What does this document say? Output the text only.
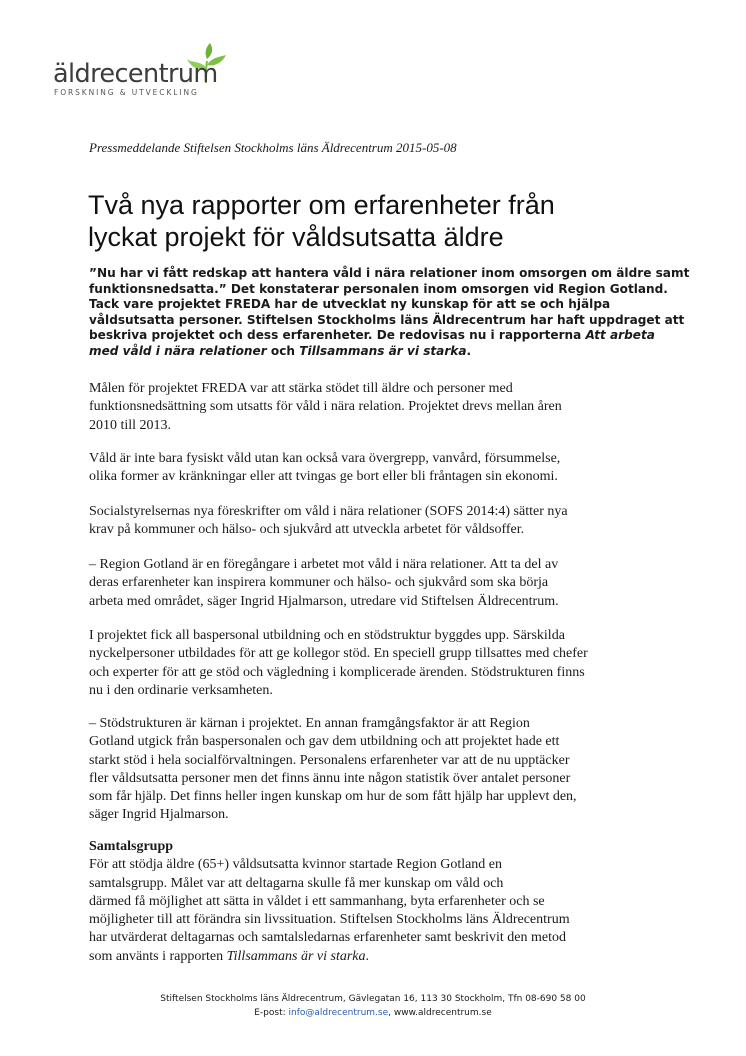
äldrecentrum
FORSKNING & UTVECKLING
Pressmeddelande Stiftelsen Stockholms läns Äldrecentrum 2015-05-08
Två nya rapporter om erfarenheter från
lyckat projekt för våldsutsatta äldre

”Nu har vi fått redskap att hantera våld i nära relationer inom omsorgen om äldre samt
funktionsnedsatta.” Det konstaterar personalen inom omsorgen vid Region Gotland.
Tack vare projektet FREDA har de utvecklat ny kunskap för att se och hjälpa
våldsutsatta personer. Stiftelsen Stockholms läns Äldrecentrum har haft uppdraget att
beskriva projektet och dess erfarenheter. De redovisas nu i rapporterna Att arbeta
med våld i nära relationer och Tillsammans är vi starka.

Målen för projektet FREDA var att stärka stödet till äldre och personer med
funktionsnedsättning som utsatts för våld i nära relation. Projektet drevs mellan åren
2010 till 2013.
Våld är inte bara fysiskt våld utan kan också vara övergrepp, vanvård, försummelse,
olika former av kränkningar eller att tvingas ge bort eller bli fråntagen sin ekonomi.
Socialstyrelsernas nya föreskrifter om våld i nära relationer (SOFS 2014:4) sätter nya
krav på kommuner och hälso- och sjukvård att utveckla arbetet för våldsoffer.
– Region Gotland är en föregångare i arbetet mot våld i nära relationer. Att ta del av
deras erfarenheter kan inspirera kommuner och hälso- och sjukvård som ska börja
arbeta med området, säger Ingrid Hjalmarson, utredare vid Stiftelsen Äldrecentrum.
I projektet fick all baspersonal utbildning och en stödstruktur byggdes upp. Särskilda
nyckelpersoner utbildades för att ge kollegor stöd. En speciell grupp tillsattes med chefer
och experter för att ge stöd och vägledning i komplicerade ärenden. Stödstrukturen finns
nu i den ordinarie verksamheten.
– Stödstrukturen är kärnan i projektet. En annan framgångsfaktor är att Region
Gotland utgick från baspersonalen och gav dem utbildning och att projektet hade ett
starkt stöd i hela socialförvaltningen. Personalens erfarenheter var att de nu upptäcker
fler våldsutsatta personer men det finns ännu inte någon statistik över antalet personer
som får hjälp. Det finns heller ingen kunskap om hur de som fått hjälp har upplevt den,
säger Ingrid Hjalmarson.
Samtalsgrupp
För att stödja äldre (65+) våldsutsatta kvinnor startade Region Gotland en
samtalsgrupp. Målet var att deltagarna skulle få mer kunskap om våld och
därmed få möjlighet att sätta in våldet i ett sammanhang, byta erfarenheter och se
möjligheter till att förändra sin livssituation. Stiftelsen Stockholms läns Äldrecentrum
har utvärderat deltagarnas och samtalsledarnas erfarenheter samt beskrivit den metod
som använts i rapporten Tillsammans är vi starka.
Stiftelsen Stockholms läns Äldrecentrum, Gävlegatan 16, 113 30 Stockholm, Tfn 08-690 58 00
E-post: info@aldrecentrum.se, www.aldrecentrum.se
